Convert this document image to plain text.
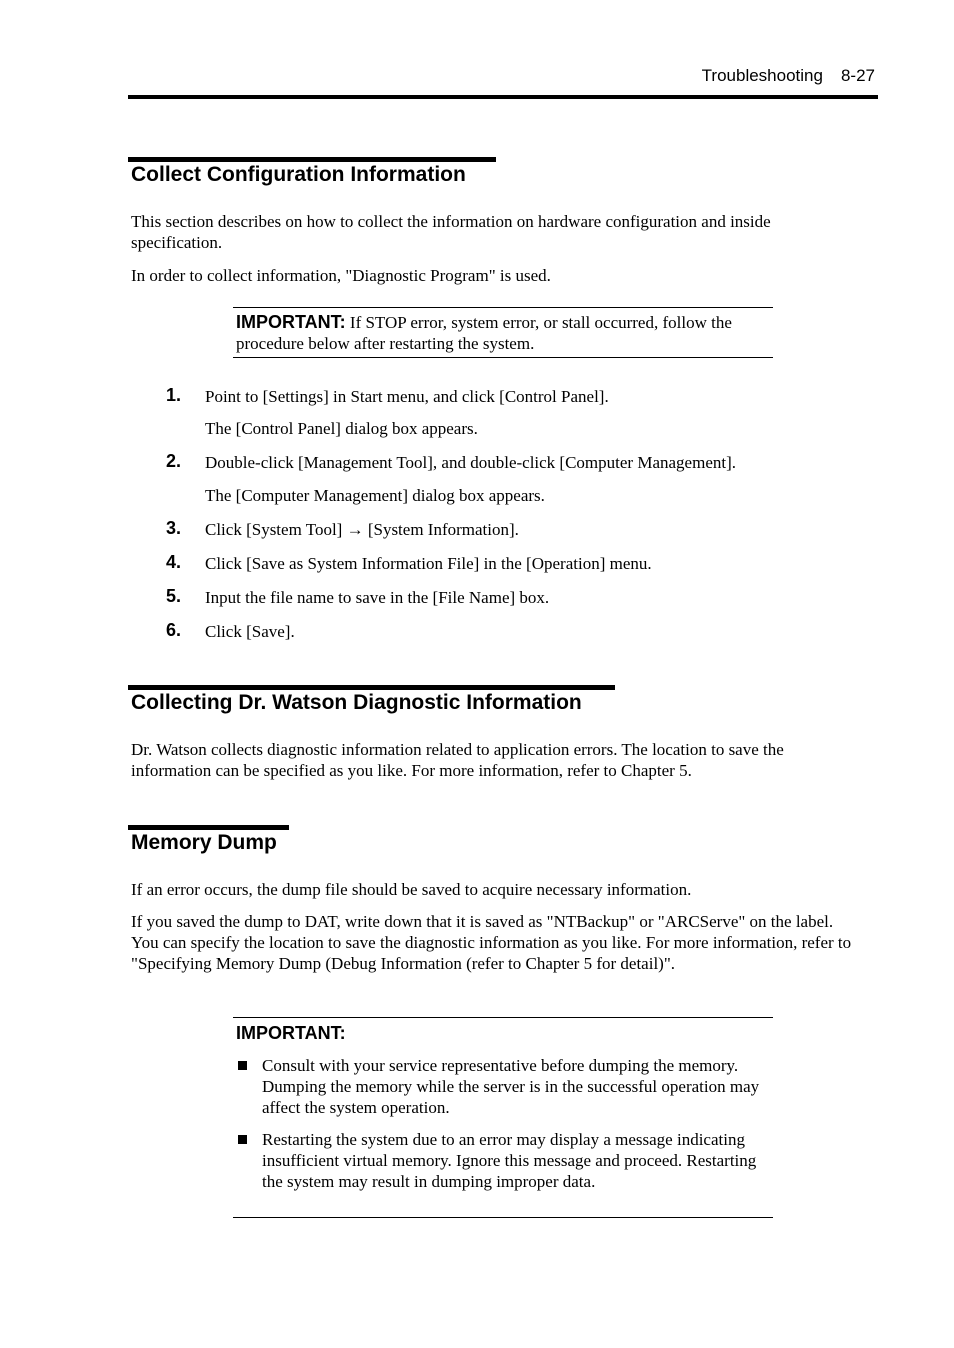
Troubleshooting 8-27
Collect Configuration Information
This section describes on how to collect the information on hardware configuration and inside specification.
In order to collect information, "Diagnostic Program" is used.
IMPORTANT: If STOP error, system error, or stall occurred, follow the procedure below after restarting the system.
1. Point to [Settings] in Start menu, and click [Control Panel].
The [Control Panel] dialog box appears.
2. Double-click [Management Tool], and double-click [Computer Management].
The [Computer Management] dialog box appears.
3. Click [System Tool] → [System Information].
4. Click [Save as System Information File] in the [Operation] menu.
5. Input the file name to save in the [File Name] box.
6. Click [Save].
Collecting Dr. Watson Diagnostic Information
Dr. Watson collects diagnostic information related to application errors. The location to save the information can be specified as you like. For more information, refer to Chapter 5.
Memory Dump
If an error occurs, the dump file should be saved to acquire necessary information.
If you saved the dump to DAT, write down that it is saved as "NTBackup" or "ARCServe" on the label. You can specify the location to save the diagnostic information as you like. For more information, refer to "Specifying Memory Dump (Debug Information (refer to Chapter 5 for detail)".
IMPORTANT:
Consult with your service representative before dumping the memory. Dumping the memory while the server is in the successful operation may affect the system operation.
Restarting the system due to an error may display a message indicating insufficient virtual memory. Ignore this message and proceed. Restarting the system may result in dumping improper data.
